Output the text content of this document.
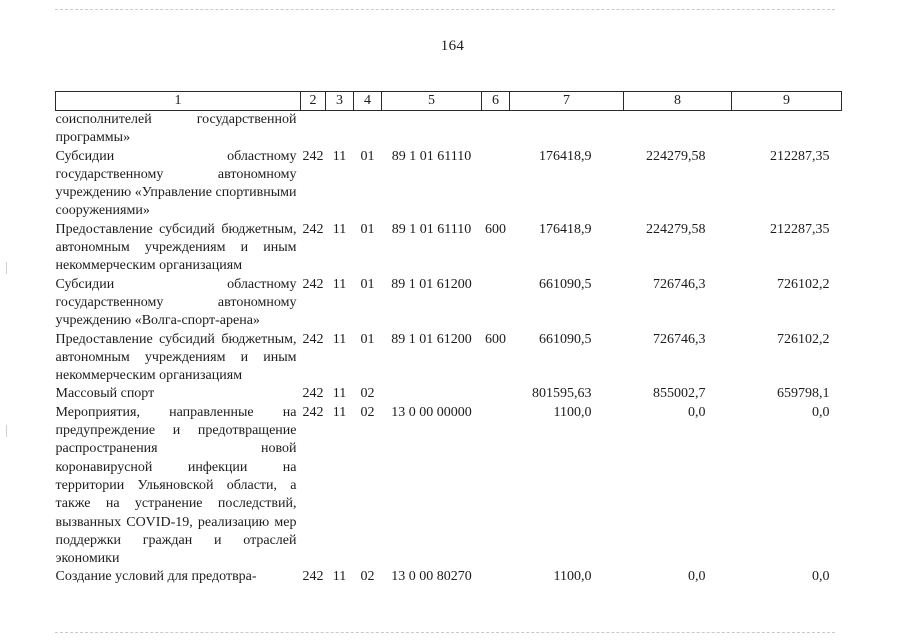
164
1	2	3	4	5	6	7	8	9
соисполнителей государственной программы»								
Субсидии областному государственному автономному учреждению «Управление спортивными сооружениями»	242	11	01	89 1 01 61110		176418,9	224279,58	212287,35
Предоставление субсидий бюджетным, автономным учреждениям и иным некоммерческим организациям	242	11	01	89 1 01 61110	600	176418,9	224279,58	212287,35
Субсидии областному государственному автономному учреждению «Волга-спорт-арена»	242	11	01	89 1 01 61200		661090,5	726746,3	726102,2
Предоставление субсидий бюджетным, автономным учреждениям и иным некоммерческим организациям	242	11	01	89 1 01 61200	600	661090,5	726746,3	726102,2
Массовый спорт	242	11	02			801595,63	855002,7	659798,1
Мероприятия, направленные на предупреждение и предотвращение распространения новой коронавирусной инфекции на территории Ульяновской области, а также на устранение последствий, вызванных COVID-19, реализацию мер поддержки граждан и отраслей экономики	242	11	02	13 0 00 00000		1100,0	0,0	0,0
Создание условий для предотвра-	242	11	02	13 0 00 80270		1100,0	0,0	0,0
